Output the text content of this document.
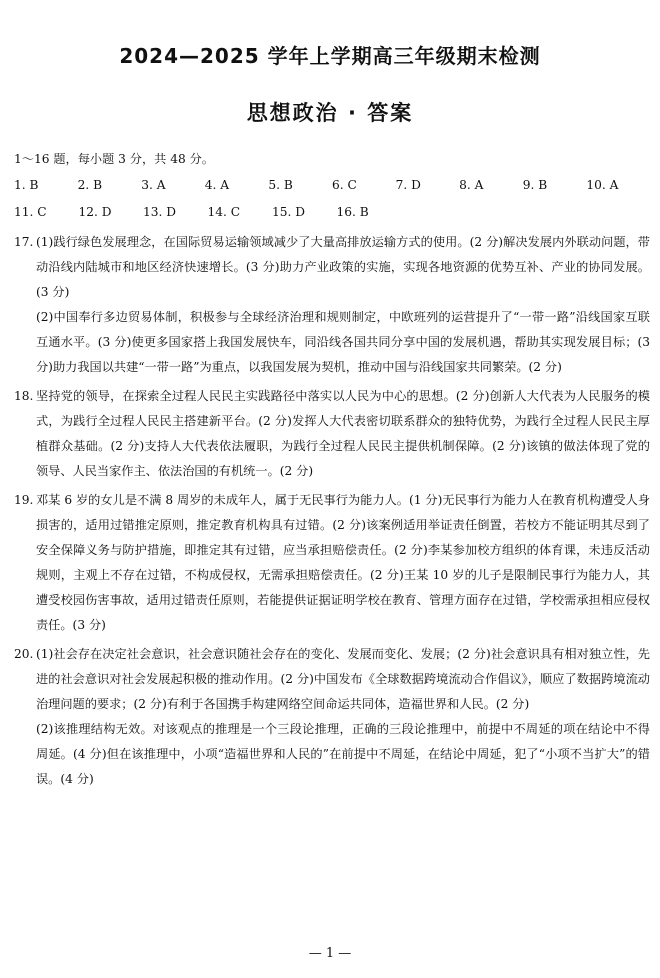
2024—2025 学年上学期高三年级期末检测
思想政治 · 答案
1～16 题，每小题 3 分，共 48 分。
1. B	2. B	3. A	4. A	5. B	6. C	7. D	8. A	9. B	10. A
11. C	12. D	13. D	14. C	15. D	16. B
17. (1)践行绿色发展理念，在国际贸易运输领域减少了大量高排放运输方式的使用。(2 分)解决发展内外联动问题，带动沿线内陆城市和地区经济快速增长。(3 分)助力产业政策的实施，实现各地资源的优势互补、产业的协同发展。(3 分)

(2)中国奉行多边贸易体制，积极参与全球经济治理和规则制定，中欧班列的运营提升了“一带一路”沿线国家互联互通水平。(3 分)使更多国家搭上我国发展快车，同沿线各国共同分享中国的发展机遇，帮助其实现发展目标；(3 分)助力我国以共建“一带一路”为重点，以我国发展为契机，推动中国与沿线国家共同繁荣。(2 分)

18. 坚持党的领导，在探索全过程人民民主实践路径中落实以人民为中心的思想。(2 分)创新人大代表为人民服务的模式，为践行全过程人民民主搭建新平台。(2 分)发挥人大代表密切联系群众的独特优势，为践行全过程人民民主厚植群众基础。(2 分)支持人大代表依法履职，为践行全过程人民民主提供机制保障。(2 分)该镇的做法体现了党的领导、人民当家作主、依法治国的有机统一。(2 分)

19. 邓某 6 岁的女儿是不满 8 周岁的未成年人，属于无民事行为能力人。(1 分)无民事行为能力人在教育机构遭受人身损害的，适用过错推定原则，推定教育机构具有过错。(2 分)该案例适用举证责任倒置，若校方不能证明其尽到了安全保障义务与防护措施，即推定其有过错，应当承担赔偿责任。(2 分)李某参加校方组织的体育课，未违反活动规则，主观上不存在过错，不构成侵权，无需承担赔偿责任。(2 分)王某 10 岁的儿子是限制民事行为能力人，其遭受校园伤害事故，适用过错责任原则，若能提供证据证明学校在教育、管理方面存在过错，学校需承担相应侵权责任。(3 分)

20. (1)社会存在决定社会意识，社会意识随社会存在的变化、发展而变化、发展；(2 分)社会意识具有相对独立性，先进的社会意识对社会发展起积极的推动作用。(2 分)中国发布《全球数据跨境流动合作倡议》，顺应了数据跨境流动治理问题的要求；(2 分)有利于各国携手构建网络空间命运共同体，造福世界和人民。(2 分)

(2)该推理结构无效。对该观点的推理是一个三段论推理，正确的三段论推理中，前提中不周延的项在结论中不得周延。(4 分)但在该推理中，小项“造福世界和人民的”在前提中不周延，在结论中周延，犯了“小项不当扩大”的错误。(4 分)

— 1 —
